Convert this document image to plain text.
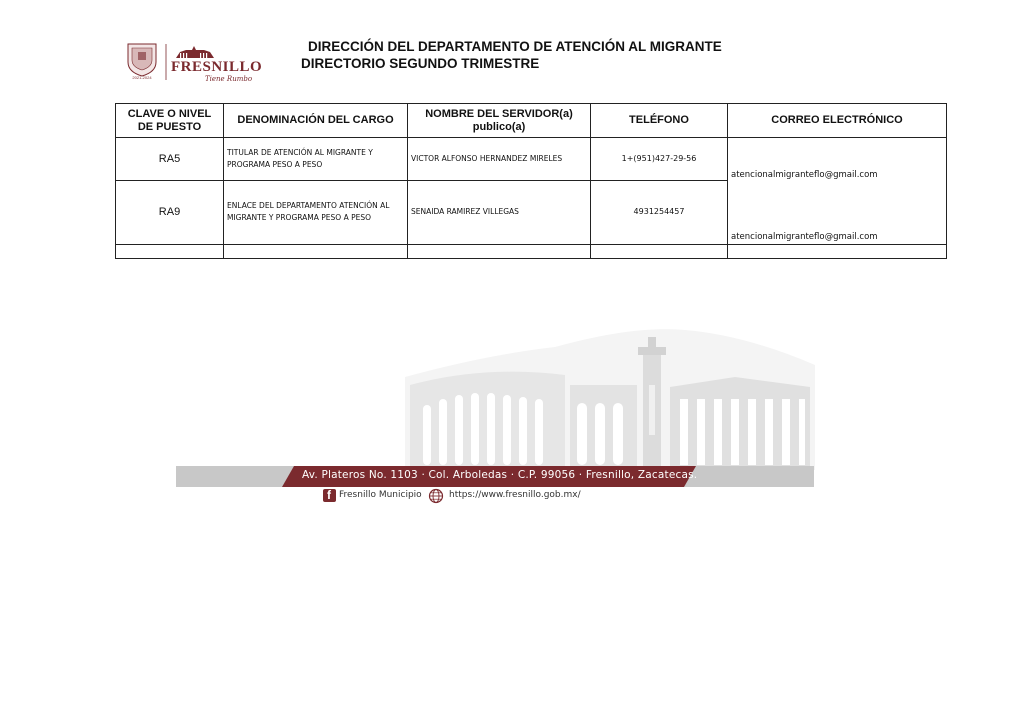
FRESNILLO
Tiene Rumbo
2021-2024
DIRECCIÓN DEL DEPARTAMENTO DE ATENCIÓN AL MIGRANTE
DIRECTORIO SEGUNDO TRIMESTRE
CLAVE O NIVEL DE PUESTO	DENOMINACIÓN DEL CARGO	NOMBRE DEL SERVIDOR(a) publico(a)	TELÉFONO	CORREO ELECTRÓNICO
RA5	TITULAR DE ATENCIÓN AL MIGRANTE Y PROGRAMA PESO A PESO	VICTOR ALFONSO HERNANDEZ MIRELES	1+(951)427-29-56	atencionalmigranteflo@gmail.com
RA9	ENLACE DEL DEPARTAMENTO ATENCIÓN AL MIGRANTE Y PROGRAMA PESO A PESO	SENAIDA RAMIREZ VILLEGAS	4931254457	atencionalmigranteflo@gmail.com

Av. Plateros No. 1103 · Col. Arboledas · C.P. 99056 · Fresnillo, Zacatecas.
f Fresnillo Municipio	https://www.fresnillo.gob.mx/
